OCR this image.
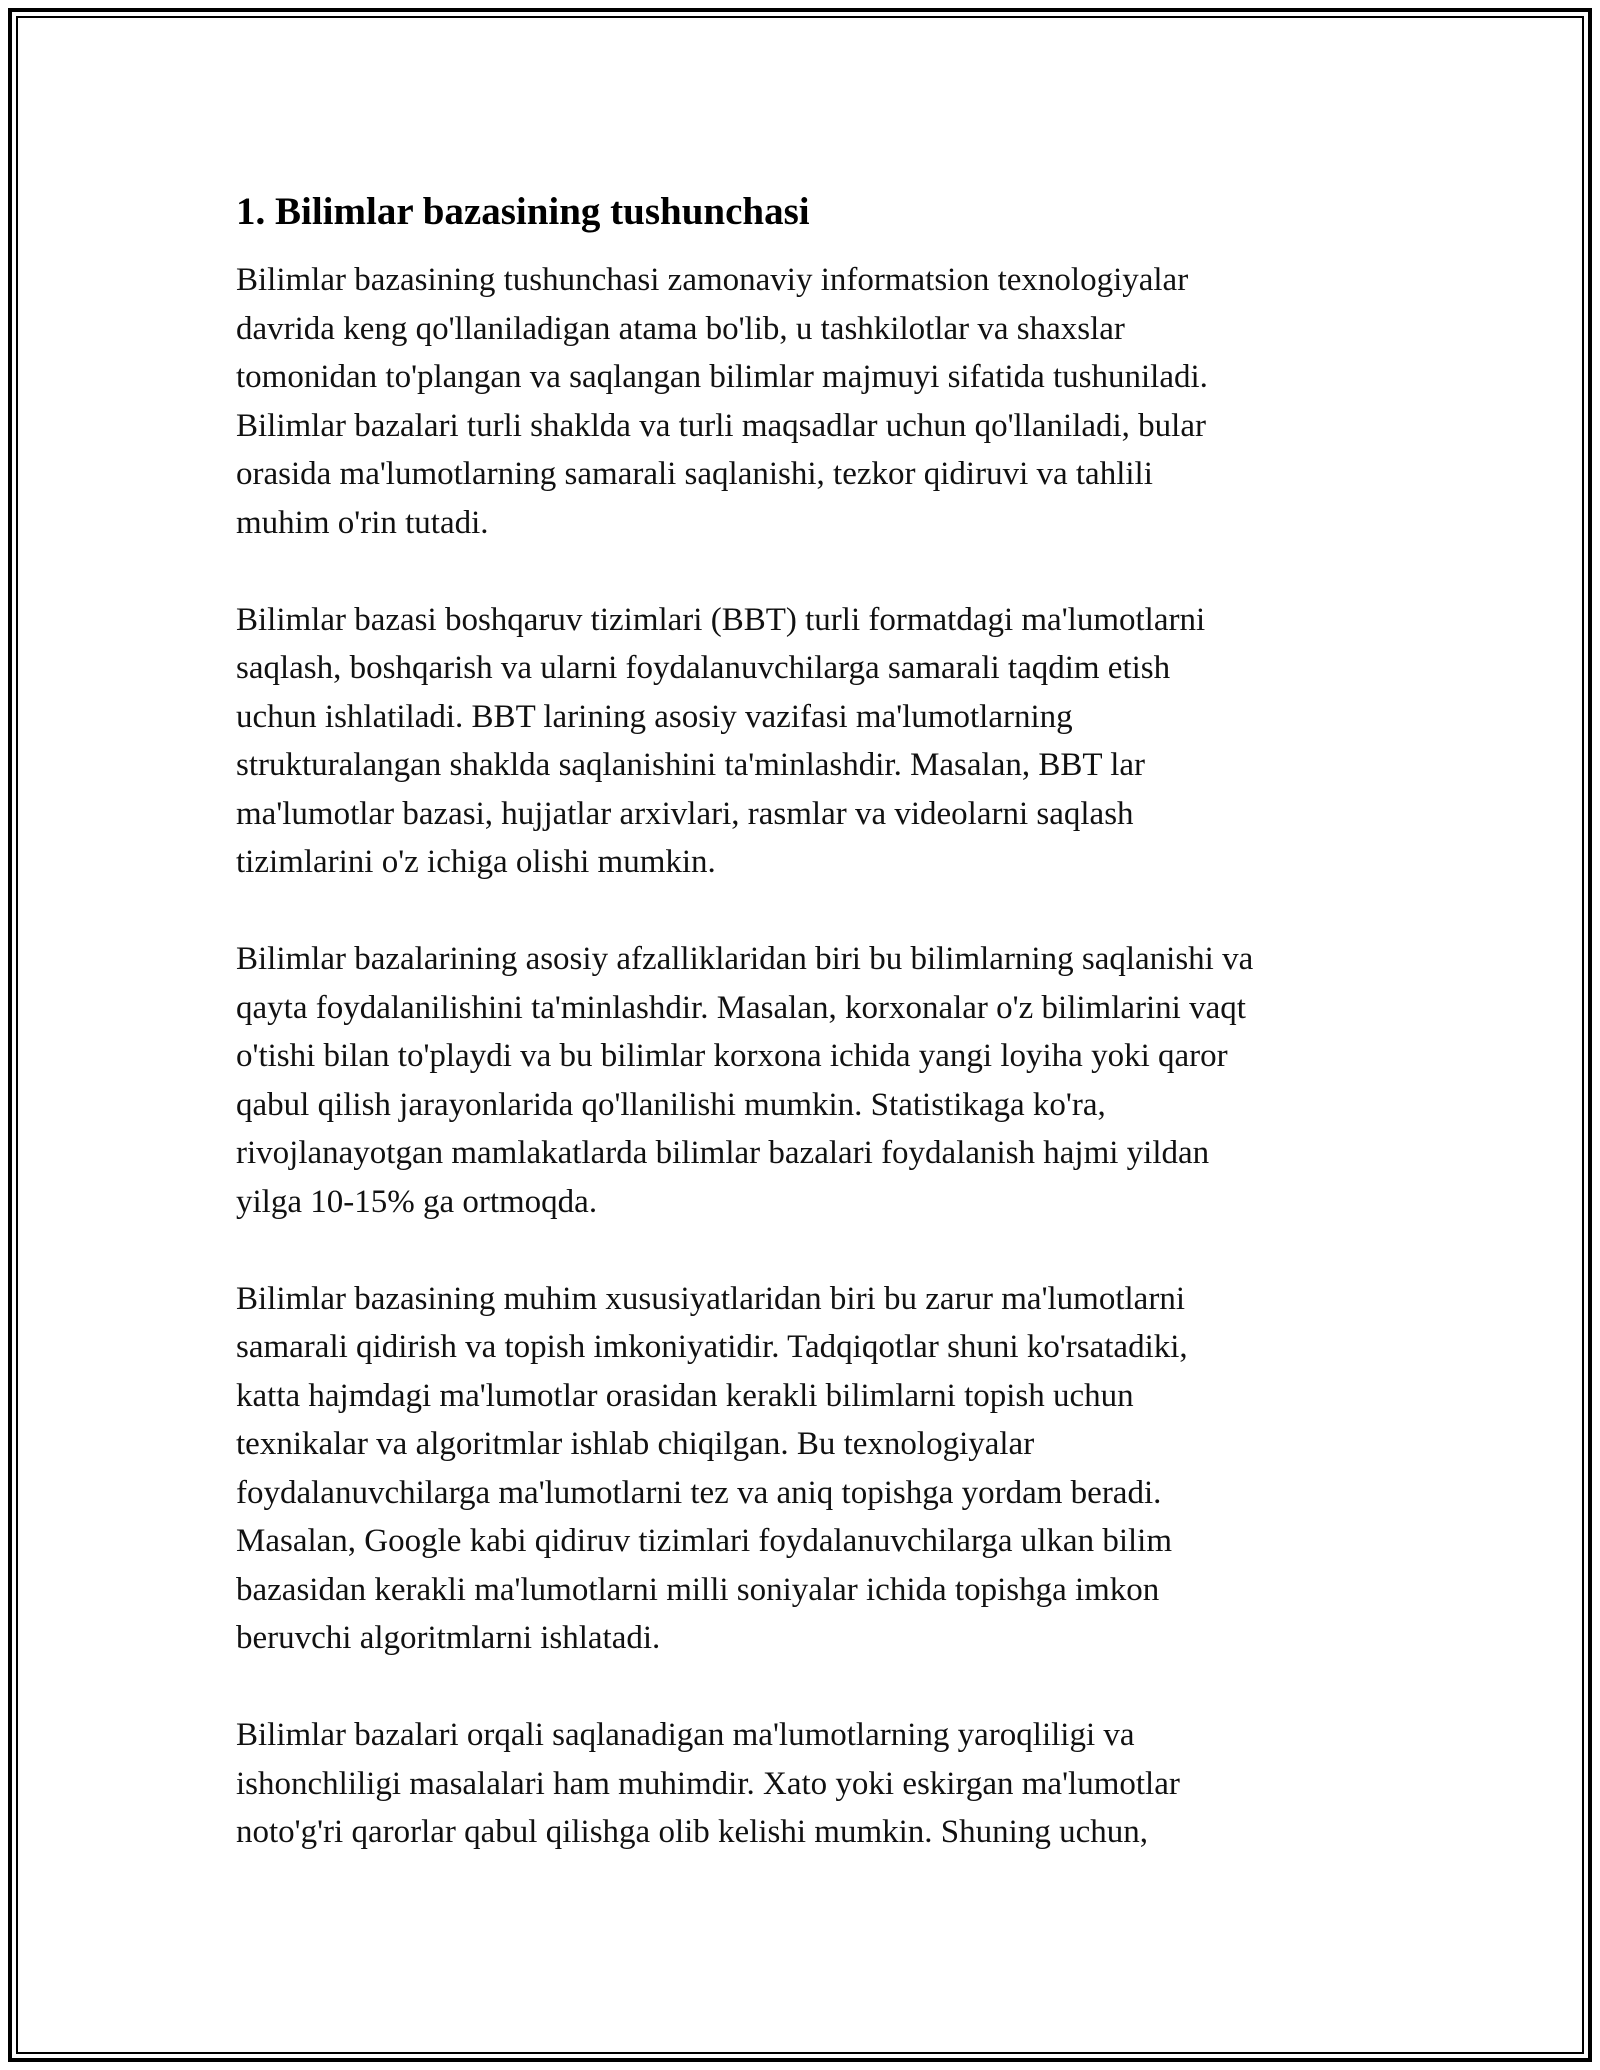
1. Bilimlar bazasining tushunchasi

Bilimlar bazasining tushunchasi zamonaviy informatsion texnologiyalar
davrida keng qo'llaniladigan atama bo'lib, u tashkilotlar va shaxslar
tomonidan to'plangan va saqlangan bilimlar majmuyi sifatida tushuniladi.
Bilimlar bazalari turli shaklda va turli maqsadlar uchun qo'llaniladi, bular
orasida ma'lumotlarning samarali saqlanishi, tezkor qidiruvi va tahlili
muhim o'rin tutadi.

Bilimlar bazasi boshqaruv tizimlari (BBT) turli formatdagi ma'lumotlarni
saqlash, boshqarish va ularni foydalanuvchilarga samarali taqdim etish
uchun ishlatiladi. BBT larining asosiy vazifasi ma'lumotlarning
strukturalangan shaklda saqlanishini ta'minlashdir. Masalan, BBT lar
ma'lumotlar bazasi, hujjatlar arxivlari, rasmlar va videolarni saqlash
tizimlarini o'z ichiga olishi mumkin.

Bilimlar bazalarining asosiy afzalliklaridan biri bu bilimlarning saqlanishi va
qayta foydalanilishini ta'minlashdir. Masalan, korxonalar o'z bilimlarini vaqt
o'tishi bilan to'playdi va bu bilimlar korxona ichida yangi loyiha yoki qaror
qabul qilish jarayonlarida qo'llanilishi mumkin. Statistikaga ko'ra,
rivojlanayotgan mamlakatlarda bilimlar bazalari foydalanish hajmi yildan
yilga 10-15% ga ortmoqda.

Bilimlar bazasining muhim xususiyatlaridan biri bu zarur ma'lumotlarni
samarali qidirish va topish imkoniyatidir. Tadqiqotlar shuni ko'rsatadiki,
katta hajmdagi ma'lumotlar orasidan kerakli bilimlarni topish uchun
texnikalar va algoritmlar ishlab chiqilgan. Bu texnologiyalar
foydalanuvchilarga ma'lumotlarni tez va aniq topishga yordam beradi.
Masalan, Google kabi qidiruv tizimlari foydalanuvchilarga ulkan bilim
bazasidan kerakli ma'lumotlarni milli soniyalar ichida topishga imkon
beruvchi algoritmlarni ishlatadi.

Bilimlar bazalari orqali saqlanadigan ma'lumotlarning yaroqliligi va
ishonchliligi masalalari ham muhimdir. Xato yoki eskirgan ma'lumotlar
noto'g'ri qarorlar qabul qilishga olib kelishi mumkin. Shuning uchun,
